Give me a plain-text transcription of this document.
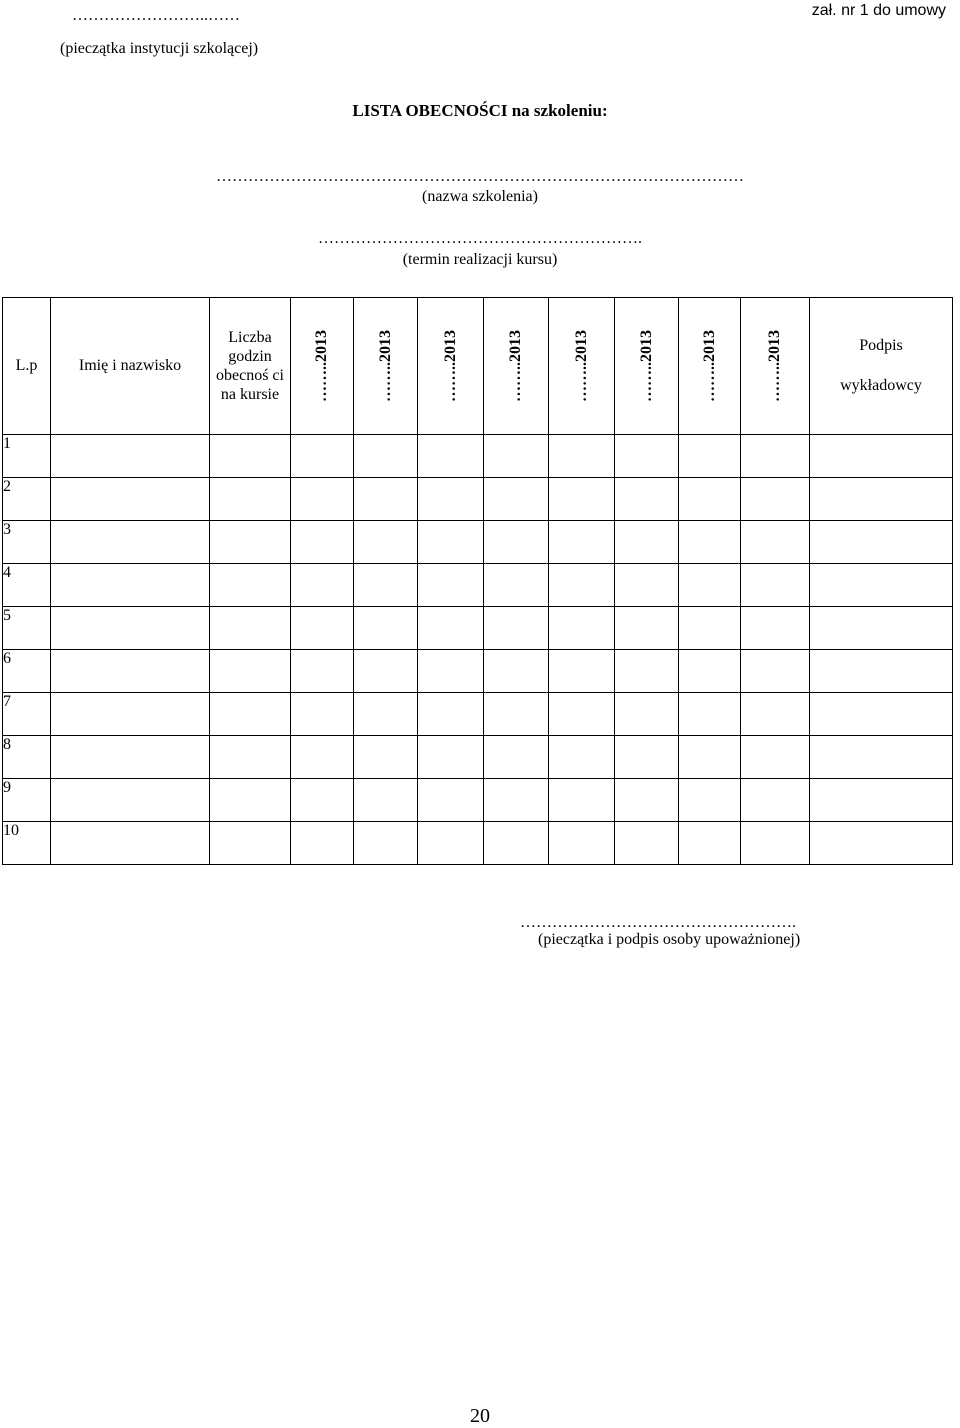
zał. nr 1 do umowy
……………………..……
(pieczątka instytucji szkolącej)
LISTA OBECNOŚCI na szkoleniu:
………………………………………………………………………………………
(nazwa szkolenia)
…………………………………………………….
(termin realizacji kursu)
L.p	Imię i nazwisko	Liczba godzin obecnoś ci na kursie	……..2013	……..2013	……..2013	……..2013	……..2013	……..2013	……..2013	……..2013	Podpis
wykładowcy

1											
2											
3											
4											
5											
6											
7											
8											
9											
10											
…………………………………………….
(pieczątka i podpis osoby upoważnionej)
20
